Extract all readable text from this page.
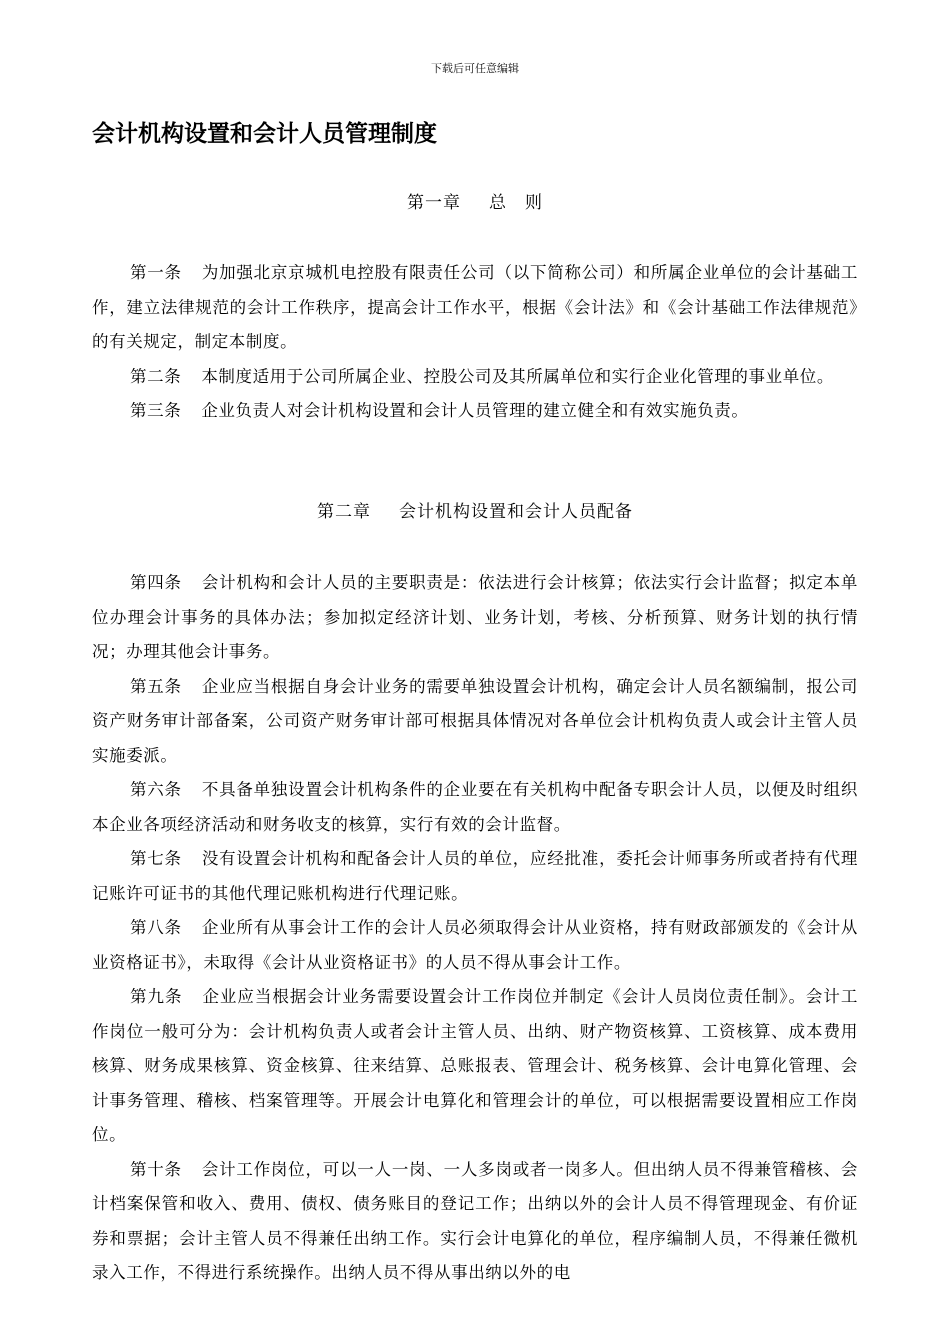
下载后可任意编辑
会计机构设置和会计人员管理制度
第一章 总　则

第一条 为加强北京京城机电控股有限责任公司（以下简称公司）和所属企业单位的会计基础工作，建立法律规范的会计工作秩序，提高会计工作水平，根据《会计法》和《会计基础工作法律规范》的有关规定，制定本制度。

第二条 本制度适用于公司所属企业、控股公司及其所属单位和实行企业化管理的事业单位。

第三条 企业负责人对会计机构设置和会计人员管理的建立健全和有效实施负责。

第二章 会计机构设置和会计人员配备

第四条 会计机构和会计人员的主要职责是：依法进行会计核算；依法实行会计监督；拟定本单位办理会计事务的具体办法；参加拟定经济计划、业务计划，考核、分析预算、财务计划的执行情况；办理其他会计事务。

第五条 企业应当根据自身会计业务的需要单独设置会计机构，确定会计人员名额编制，报公司资产财务审计部备案，公司资产财务审计部可根据具体情况对各单位会计机构负责人或会计主管人员实施委派。

第六条 不具备单独设置会计机构条件的企业要在有关机构中配备专职会计人员，以便及时组织本企业各项经济活动和财务收支的核算，实行有效的会计监督。

第七条 没有设置会计机构和配备会计人员的单位，应经批准，委托会计师事务所或者持有代理记账许可证书的其他代理记账机构进行代理记账。

第八条 企业所有从事会计工作的会计人员必须取得会计从业资格，持有财政部颁发的《会计从业资格证书》，未取得《会计从业资格证书》的人员不得从事会计工作。

第九条 企业应当根据会计业务需要设置会计工作岗位并制定《会计人员岗位责任制》。会计工作岗位一般可分为：会计机构负责人或者会计主管人员、出纳、财产物资核算、工资核算、成本费用核算、财务成果核算、资金核算、往来结算、总账报表、管理会计、税务核算、会计电算化管理、会计事务管理、稽核、档案管理等。开展会计电算化和管理会计的单位，可以根据需要设置相应工作岗位。

第十条 会计工作岗位，可以一人一岗、一人多岗或者一岗多人。但出纳人员不得兼管稽核、会计档案保管和收入、费用、债权、债务账目的登记工作；出纳以外的会计人员不得管理现金、有价证券和票据；会计主管人员不得兼任出纳工作。实行会计电算化的单位，程序编制人员，不得兼任微机录入工作，不得进行系统操作。出纳人员不得从事出纳以外的电
